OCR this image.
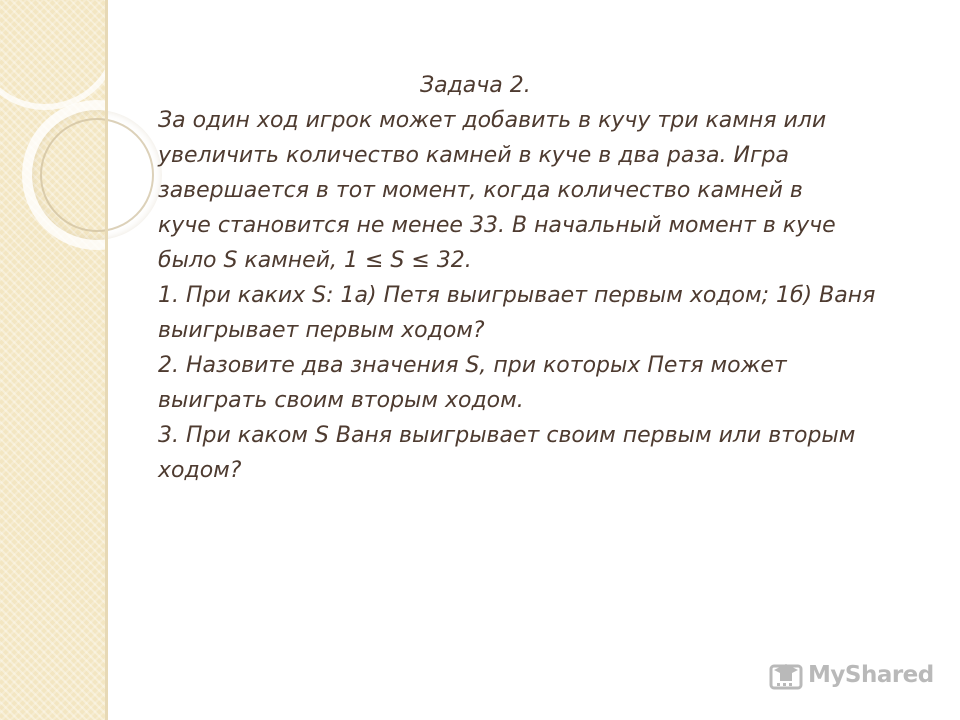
Задача 2.
За один ход игрок может добавить в кучу три камня или
увеличить количество камней в куче в два раза. Игра
завершается в тот момент, когда количество камней в
куче становится не менее 33. В начальный момент в куче
было S камней, 1 ≤ S ≤ 32.
1. При каких S: 1а) Петя выигрывает первым ходом; 1б) Ваня
выигрывает первым ходом?
2. Назовите два значения S, при которых Петя может
выиграть своим вторым ходом.
3. При каком S Ваня выигрывает своим первым или вторым
ходом?
MyShared
